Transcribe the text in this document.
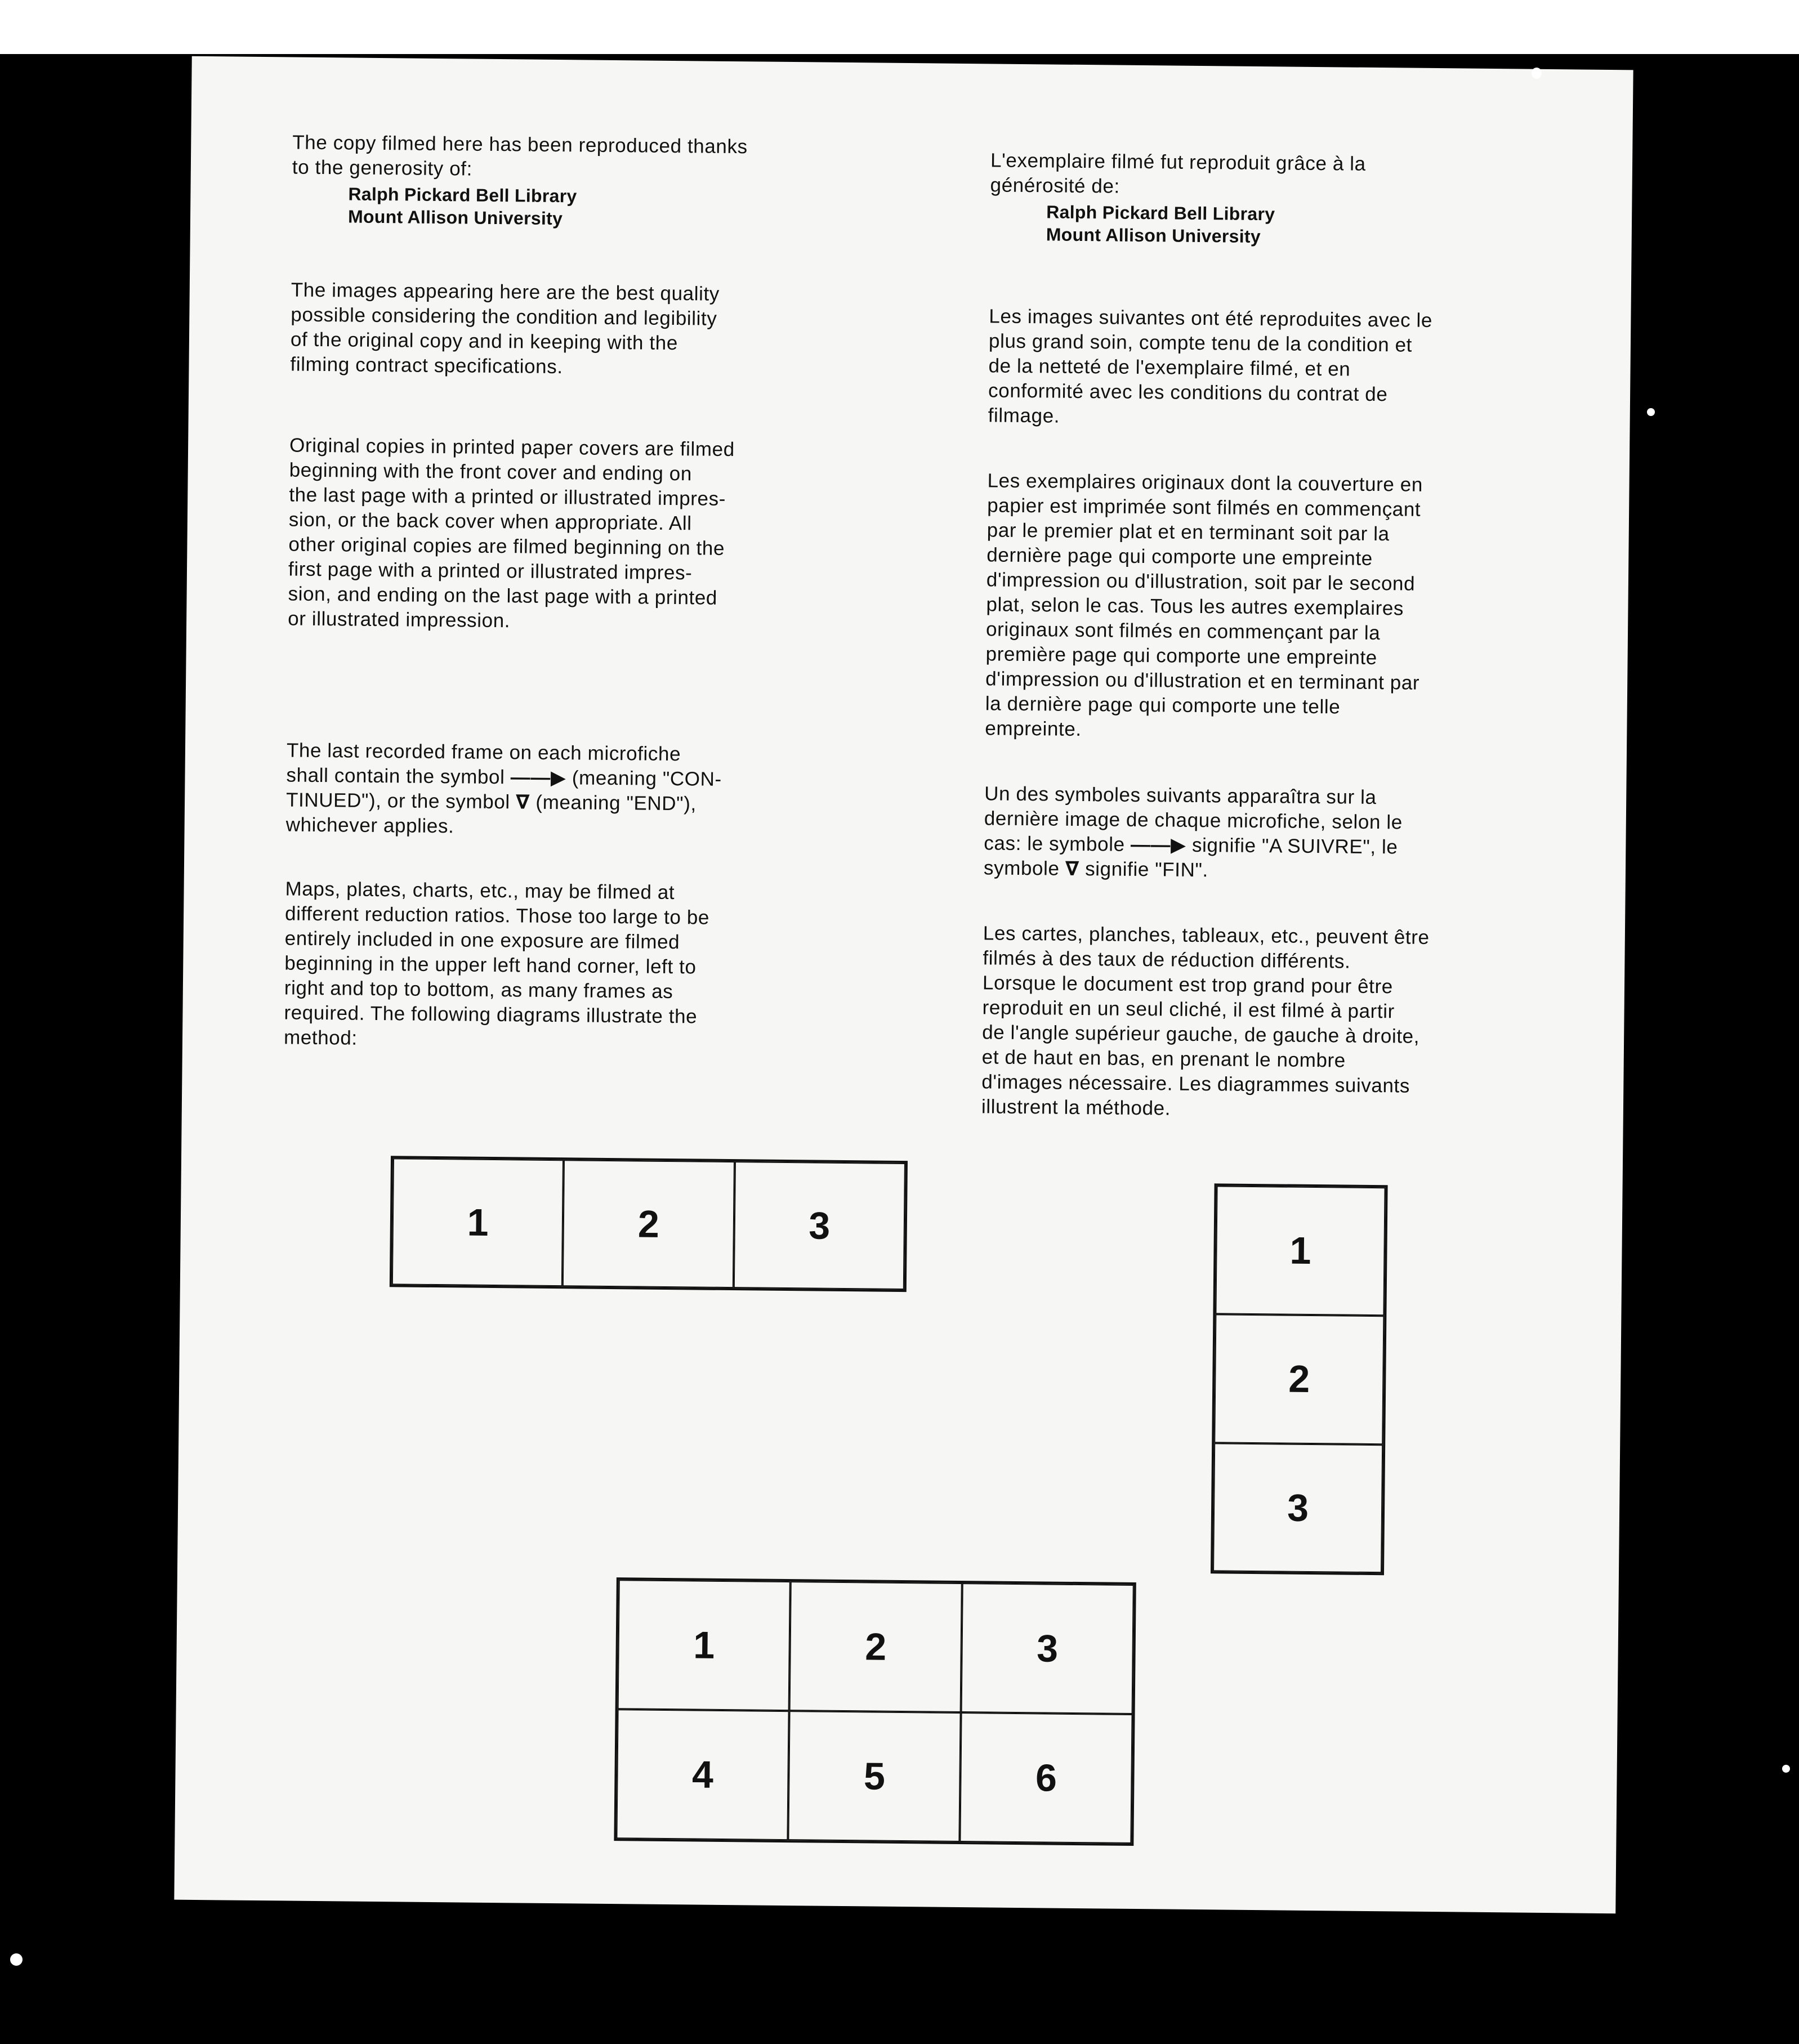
The copy filmed here has been reproduced thanks
to the generosity of:

Ralph Pickard Bell Library
Mount Allison University

The images appearing here are the best quality
possible considering the condition and legibility
of the original copy and in keeping with the
filming contract specifications.

Original copies in printed paper covers are filmed
beginning with the front cover and ending on
the last page with a printed or illustrated impres-
sion, or the back cover when appropriate. All
other original copies are filmed beginning on the
first page with a printed or illustrated impres-
sion, and ending on the last page with a printed
or illustrated impression.

The last recorded frame on each microfiche
shall contain the symbol ——▶ (meaning "CON-
TINUED"), or the symbol ∇ (meaning "END"),
whichever applies.

Maps, plates, charts, etc., may be filmed at
different reduction ratios. Those too large to be
entirely included in one exposure are filmed
beginning in the upper left hand corner, left to
right and top to bottom, as many frames as
required. The following diagrams illustrate the
method:

L'exemplaire filmé fut reproduit grâce à la
générosité de:

Ralph Pickard Bell Library
Mount Allison University

Les images suivantes ont été reproduites avec le
plus grand soin, compte tenu de la condition et
de la netteté de l'exemplaire filmé, et en
conformité avec les conditions du contrat de
filmage.

Les exemplaires originaux dont la couverture en
papier est imprimée sont filmés en commençant
par le premier plat et en terminant soit par la
dernière page qui comporte une empreinte
d'impression ou d'illustration, soit par le second
plat, selon le cas. Tous les autres exemplaires
originaux sont filmés en commençant par la
première page qui comporte une empreinte
d'impression ou d'illustration et en terminant par
la dernière page qui comporte une telle
empreinte.

Un des symboles suivants apparaîtra sur la
dernière image de chaque microfiche, selon le
cas: le symbole ——▶ signifie "A SUIVRE", le
symbole ∇ signifie "FIN".

Les cartes, planches, tableaux, etc., peuvent être
filmés à des taux de réduction différents.
Lorsque le document est trop grand pour être
reproduit en un seul cliché, il est filmé à partir
de l'angle supérieur gauche, de gauche à droite,
et de haut en bas, en prenant le nombre
d'images nécessaire. Les diagrammes suivants
illustrent la méthode.

1	2	3
1
2
3
1	2	3
4	5	6
